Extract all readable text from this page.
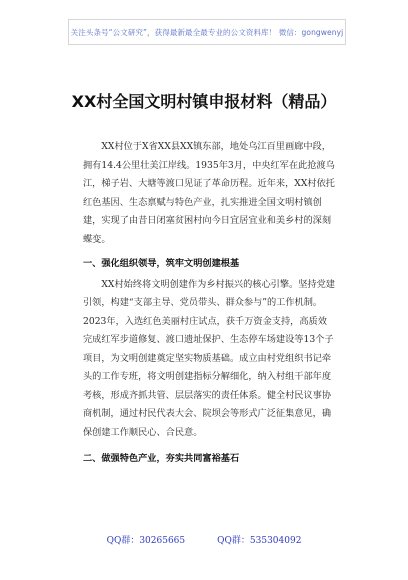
关注头条号“公文研究”，获得最新最全最专业的公文资料库！ 微信：gongwenyj
XX村全国文明村镇申报材料（精品）

XX村位于X省XX县XX镇东部，地处乌江百里画廊中段，拥有14.4公里壮美江岸线。1935年3月，中央红军在此抢渡乌江，梯子岩、大塘等渡口见证了革命历程。近年来，XX村依托红色基因、生态禀赋与特色产业，扎实推进全国文明村镇创建，实现了由昔日闭塞贫困村向今日宜居宜业和美乡村的深刻蝶变。

一、强化组织领导，筑牢文明创建根基

XX村始终将文明创建作为乡村振兴的核心引擎。坚持党建引领，构建“支部主导、党员带头、群众参与”的工作机制。2023年，入选红色美丽村庄试点，获千万资金支持，高质效完成红军步道修复、渡口遗址保护、生态停车场建设等13个子项目，为文明创建奠定坚实物质基础。成立由村党组织书记牵头的工作专班，将文明创建指标分解细化，纳入村组干部年度考核，形成齐抓共管、层层落实的责任体系。健全村民议事协商机制，通过村民代表大会、院坝会等形式广泛征集意见，确保创建工作顺民心、合民意。

二、做强特色产业，夯实共同富裕基石

QQ群：30265665	QQ群：535304092
